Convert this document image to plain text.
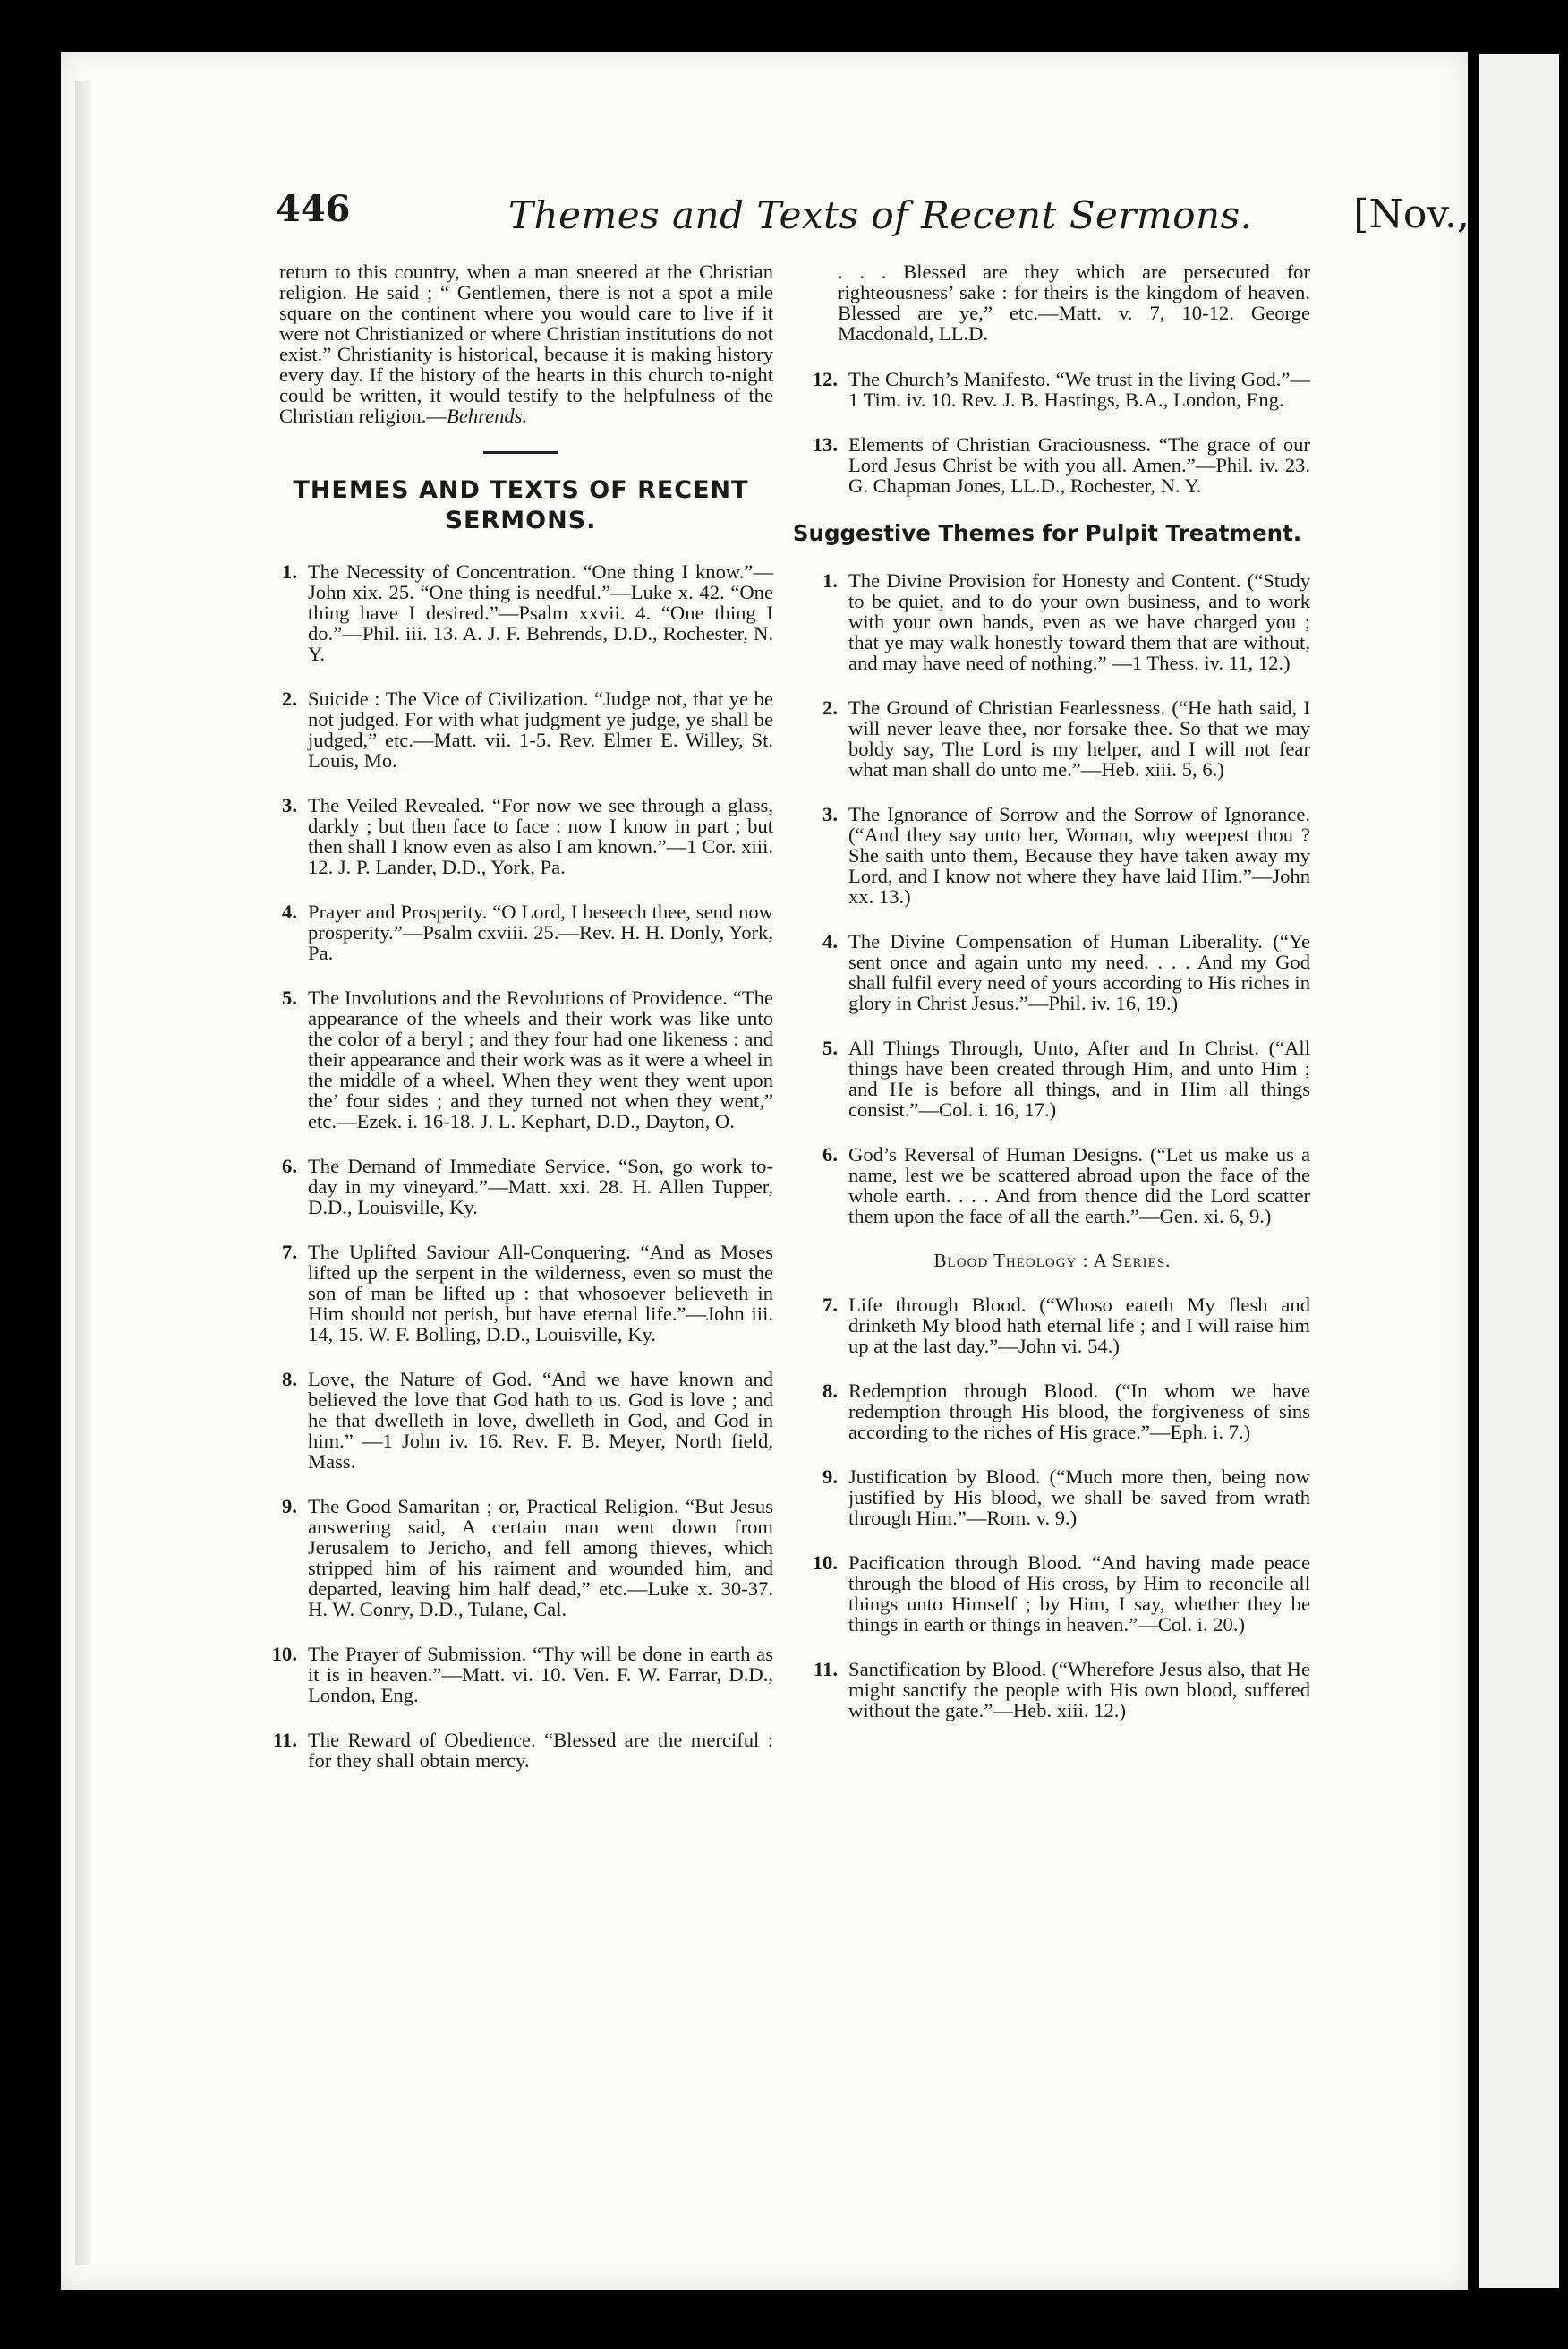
446	Themes and Texts of Recent Sermons.	[Nov.,

return to this country, when a man sneered at the Christian religion. He said ; “ Gentlemen, there is not a spot a mile square on the continent where you would care to live if it were not Christianized or where Christian institutions do not exist.” Christianity is historical, because it is making history every day. If the history of the hearts in this church to-night could be written, it would testify to the helpfulness of the Christian religion.—Behrends.

THEMES AND TEXTS OF RECENT
SERMONS.
1. The Necessity of Concentration. “One thing I know.”—John xix. 25. “One thing is needful.”—Luke x. 42. “One thing have I desired.”—Psalm xxvii. 4. “One thing I do.”—Phil. iii. 13. A. J. F. Behrends, D.D., Rochester, N. Y.
2. Suicide : The Vice of Civilization. “Judge not, that ye be not judged. For with what judgment ye judge, ye shall be judged,” etc.—Matt. vii. 1-5. Rev. Elmer E. Willey, St. Louis, Mo.
3. The Veiled Revealed. “For now we see through a glass, darkly ; but then face to face : now I know in part ; but then shall I know even as also I am known.”—1 Cor. xiii. 12. J. P. Lander, D.D., York, Pa.
4. Prayer and Prosperity. “O Lord, I beseech thee, send now prosperity.”—Psalm cxviii. 25.—Rev. H. H. Donly, York, Pa.
5. The Involutions and the Revolutions of Providence. “The appearance of the wheels and their work was like unto the color of a beryl ; and they four had one likeness : and their appearance and their work was as it were a wheel in the middle of a wheel. When they went they went upon the’ four sides ; and they turned not when they went,” etc.—Ezek. i. 16-18. J. L. Kephart, D.D., Dayton, O.
6. The Demand of Immediate Service. “Son, go work to-day in my vineyard.”—Matt. xxi. 28. H. Allen Tupper, D.D., Louisville, Ky.
7. The Uplifted Saviour All-Conquering. “And as Moses lifted up the serpent in the wilderness, even so must the son of man be lifted up : that whosoever believeth in Him should not perish, but have eternal life.”—John iii. 14, 15. W. F. Bolling, D.D., Louisville, Ky.
8. Love, the Nature of God. “And we have known and believed the love that God hath to us. God is love ; and he that dwelleth in love, dwelleth in God, and God in him.” —1 John iv. 16. Rev. F. B. Meyer, North field, Mass.
9. The Good Samaritan ; or, Practical Religion. “But Jesus answering said, A certain man went down from Jerusalem to Jericho, and fell among thieves, which stripped him of his raiment and wounded him, and departed, leaving him half dead,” etc.—Luke x. 30-37. H. W. Conry, D.D., Tulane, Cal.
10. The Prayer of Submission. “Thy will be done in earth as it is in heaven.”—Matt. vi. 10. Ven. F. W. Farrar, D.D., London, Eng.
11. The Reward of Obedience. “Blessed are the merciful : for they shall obtain mercy.

. . . Blessed are they which are persecuted for righteousness’ sake : for theirs is the kingdom of heaven. Blessed are ye,” etc.—Matt. v. 7, 10-12. George Macdonald, LL.D.

12. The Church’s Manifesto. “We trust in the living God.”—1 Tim. iv. 10. Rev. J. B. Hastings, B.A., London, Eng.
13. Elements of Christian Graciousness. “The grace of our Lord Jesus Christ be with you all. Amen.”—Phil. iv. 23. G. Chapman Jones, LL.D., Rochester, N. Y.
Suggestive Themes for Pulpit Treatment.
1. The Divine Provision for Honesty and Content. (“Study to be quiet, and to do your own business, and to work with your own hands, even as we have charged you ; that ye may walk honestly toward them that are without, and may have need of nothing.” —1 Thess. iv. 11, 12.)
2. The Ground of Christian Fearlessness. (“He hath said, I will never leave thee, nor forsake thee. So that we may boldy say, The Lord is my helper, and I will not fear what man shall do unto me.”—Heb. xiii. 5, 6.)
3. The Ignorance of Sorrow and the Sorrow of Ignorance. (“And they say unto her, Woman, why weepest thou ? She saith unto them, Because they have taken away my Lord, and I know not where they have laid Him.”—John xx. 13.)
4. The Divine Compensation of Human Liberality. (“Ye sent once and again unto my need. . . . And my God shall fulfil every need of yours according to His riches in glory in Christ Jesus.”—Phil. iv. 16, 19.)
5. All Things Through, Unto, After and In Christ. (“All things have been created through Him, and unto Him ; and He is before all things, and in Him all things consist.”—Col. i. 16, 17.)
6. God’s Reversal of Human Designs. (“Let us make us a name, lest we be scattered abroad upon the face of the whole earth. . . . And from thence did the Lord scatter them upon the face of all the earth.”—Gen. xi. 6, 9.)
Blood Theology : A Series.
7. Life through Blood. (“Whoso eateth My flesh and drinketh My blood hath eternal life ; and I will raise him up at the last day.”—John vi. 54.)
8. Redemption through Blood. (“In whom we have redemption through His blood, the forgiveness of sins according to the riches of His grace.”—Eph. i. 7.)
9. Justification by Blood. (“Much more then, being now justified by His blood, we shall be saved from wrath through Him.”—Rom. v. 9.)
10. Pacification through Blood. “And having made peace through the blood of His cross, by Him to reconcile all things unto Himself ; by Him, I say, whether they be things in earth or things in heaven.”—Col. i. 20.)
11. Sanctification by Blood. (“Wherefore Jesus also, that He might sanctify the people with His own blood, suffered without the gate.”—Heb. xiii. 12.)
